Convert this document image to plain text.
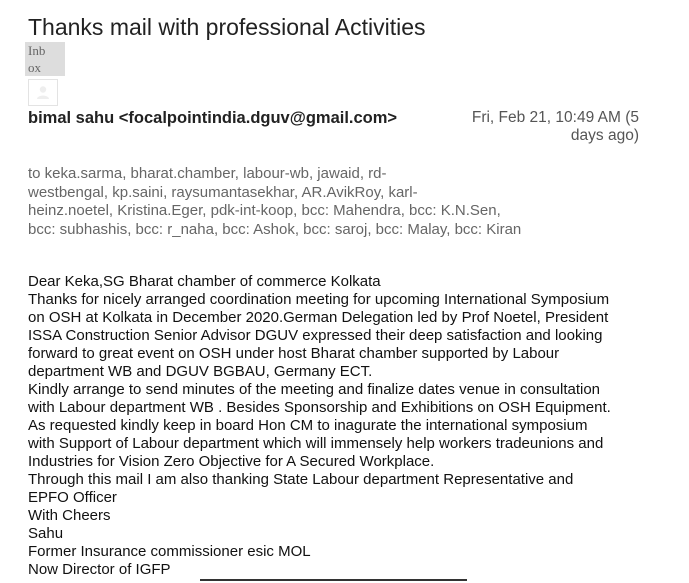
Thanks mail with professional Activities
Inb
ox
bimal sahu <focalpointindia.dguv@gmail.com>	Fri, Feb 21, 10:49 AM (5
days ago)
to keka.sarma, bharat.chamber, labour-wb, jawaid, rd-
westbengal, kp.saini, raysumantasekhar, AR.AvikRoy, karl-
heinz.noetel, Kristina.Eger, pdk-int-koop, bcc: Mahendra, bcc: K.N.Sen,
bcc: subhashis, bcc: r_naha, bcc: Ashok, bcc: saroj, bcc: Malay, bcc: Kiran
Dear Keka,SG Bharat chamber of commerce Kolkata
Thanks for nicely arranged coordination meeting for upcoming International Symposium
on OSH at Kolkata in December 2020.German Delegation led by Prof Noetel, President
ISSA Construction Senior Advisor DGUV expressed their deep satisfaction and looking
forward to great event on OSH under host Bharat chamber supported by Labour
department WB and DGUV BGBAU, Germany ECT.
Kindly arrange to send minutes of the meeting and finalize dates venue in consultation
with Labour department WB . Besides Sponsorship and Exhibitions on OSH Equipment.
As requested kindly keep in board Hon CM to inagurate the international symposium
with Support of Labour department which will immensely help workers tradeunions and
Industries for Vision Zero Objective for A Secured Workplace.
Through this mail I am also thanking State Labour department Representative and
EPFO Officer
With Cheers
Sahu
Former Insurance commissioner esic MOL
Now Director of IGFP
